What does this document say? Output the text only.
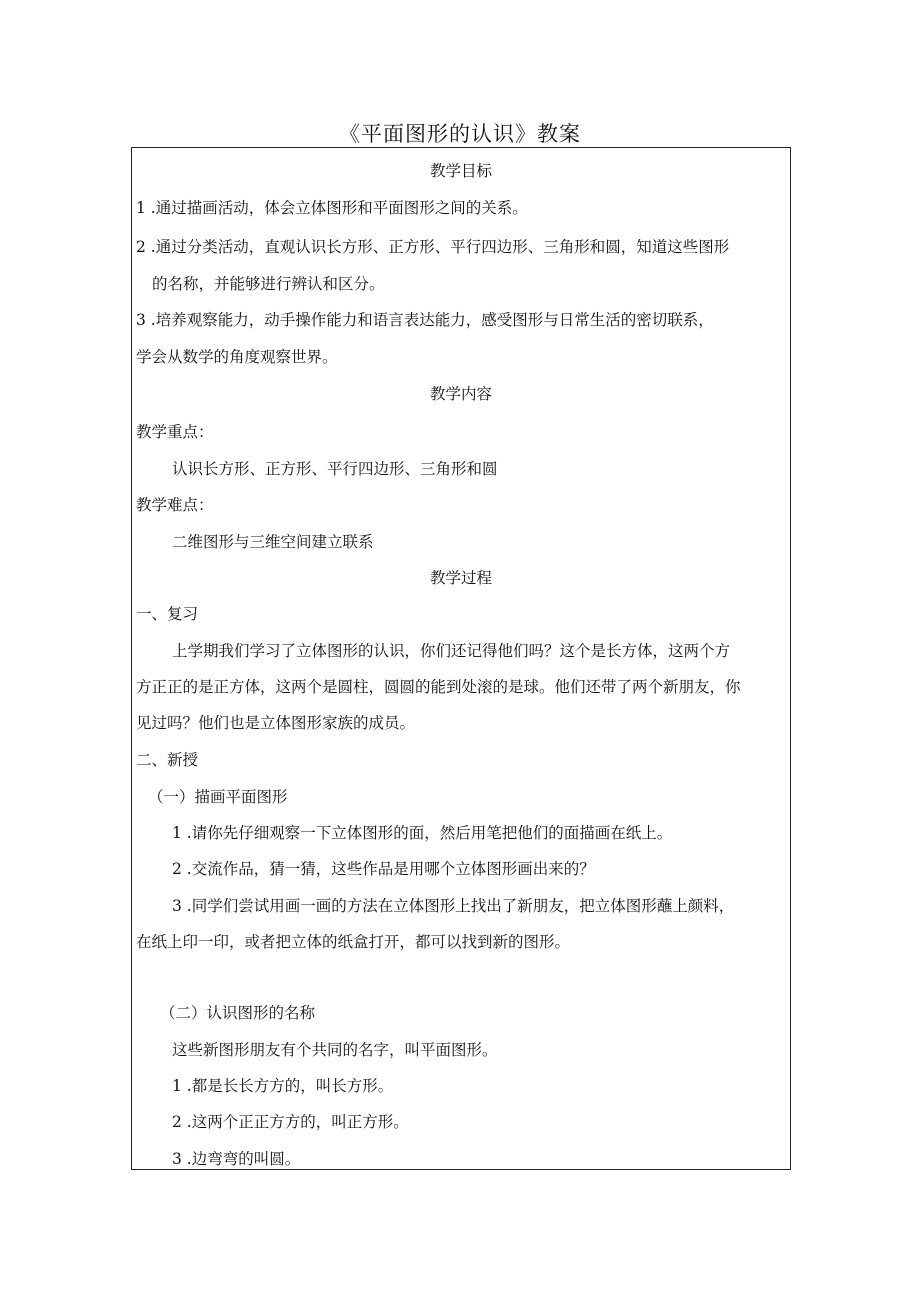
《平面图形的认识》教案
教学目标
1 .通过描画活动，体会立体图形和平面图形之间的关系。
2 .通过分类活动，直观认识长方形、正方形、平行四边形、三角形和圆，知道这些图形
的名称，并能够进行辨认和区分。
3 .培养观察能力，动手操作能力和语言表达能力，感受图形与日常生活的密切联系，
学会从数学的角度观察世界。
教学内容
教学重点：
认识长方形、正方形、平行四边形、三角形和圆
教学难点：
二维图形与三维空间建立联系
教学过程
一、复习
上学期我们学习了立体图形的认识，你们还记得他们吗？这个是长方体，这两个方
方正正的是正方体，这两个是圆柱，圆圆的能到处滚的是球。他们还带了两个新朋友，你
见过吗？他们也是立体图形家族的成员。
二、新授
（一）描画平面图形
1 .请你先仔细观察一下立体图形的面，然后用笔把他们的面描画在纸上。
2 .交流作品，猜一猜，这些作品是用哪个立体图形画出来的？
3 .同学们尝试用画一画的方法在立体图形上找出了新朋友，把立体图形蘸上颜料，
在纸上印一印，或者把立体的纸盒打开，都可以找到新的图形。
（二）认识图形的名称
这些新图形朋友有个共同的名字，叫平面图形。
1 .都是长长方方的，叫长方形。
2 .这两个正正方方的，叫正方形。
3 .边弯弯的叫圆。
